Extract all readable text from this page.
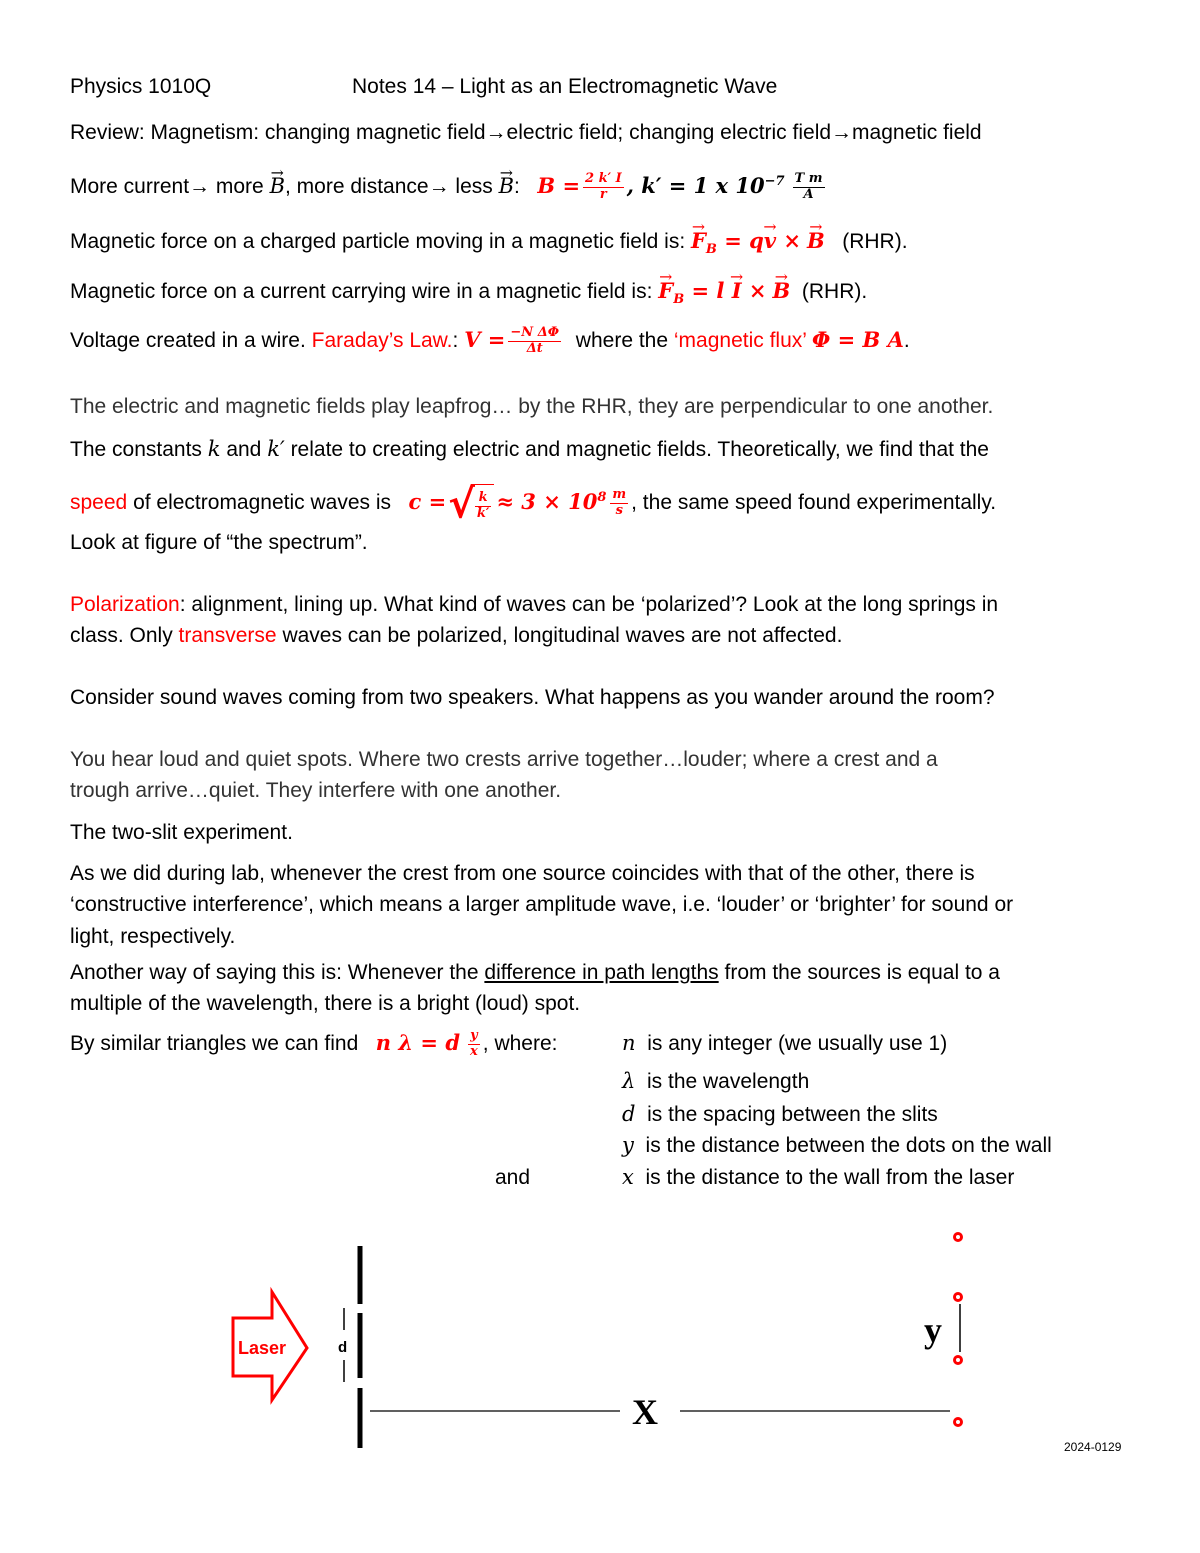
Physics 1010Q	Notes 14 – Light as an Electromagnetic Wave
Review: Magnetism: changing magnetic field→electric field; changing electric field→magnetic field
More current→ more → B, more distance→ less → B: $B = \frac{2 k' I}{r}$ , k′ = 1 x $10^{-7} \frac{\text{T m}}{A}$
Magnetic force on a charged particle moving in a magnetic field is: → $F_B = q\to v \times\to B$ (RHR).
Magnetic force on a current carrying wire in a magnetic field is: → $F_B = l \to I \times\to B$ (RHR).
Voltage created in a wire. Faraday’s Law.: $V = \frac{\text{−N ΔΦ}}{\Delta t}$ where the ‘magnetic flux’ Φ = B A.
The electric and magnetic fields play leapfrog… by the RHR, they are perpendicular to one another.
The constants k and k′ relate to creating electric and magnetic fields. Theoretically, we find that the
speed of electromagnetic waves is c =√ $\frac{k}{k'} \approx 3 \times 10^8 \frac{m}{s}$ , the same speed found experimentally.
Look at figure of “the spectrum”.
Polarization: alignment, lining up. What kind of waves can be ‘polarized’? Look at the long springs in
class. Only transverse waves can be polarized, longitudinal waves are not affected.
Consider sound waves coming from two speakers. What happens as you wander around the room?
You hear loud and quiet spots. Where two crests arrive together…louder; where a crest and a
trough arrive…quiet. They interfere with one another.
The two-slit experiment.
As we did during lab, whenever the crest from one source coincides with that of the other, there is
‘constructive interference’, which means a larger amplitude wave, i.e. ‘louder’ or ‘brighter’ for sound or
light, respectively.
Another way of saying this is: Whenever the difference in path lengths from the sources is equal to a
multiple of the wavelength, there is a bright (loud) spot.
By similar triangles we can find n λ = d $\frac{y}{x}$ , where:	n is any integer (we usually use 1)
λ is the wavelength
d is the spacing between the slits
y is the distance between the dots on the wall
and	x is the distance to the wall from the laser
Laser	d
X
y
2024-0129
